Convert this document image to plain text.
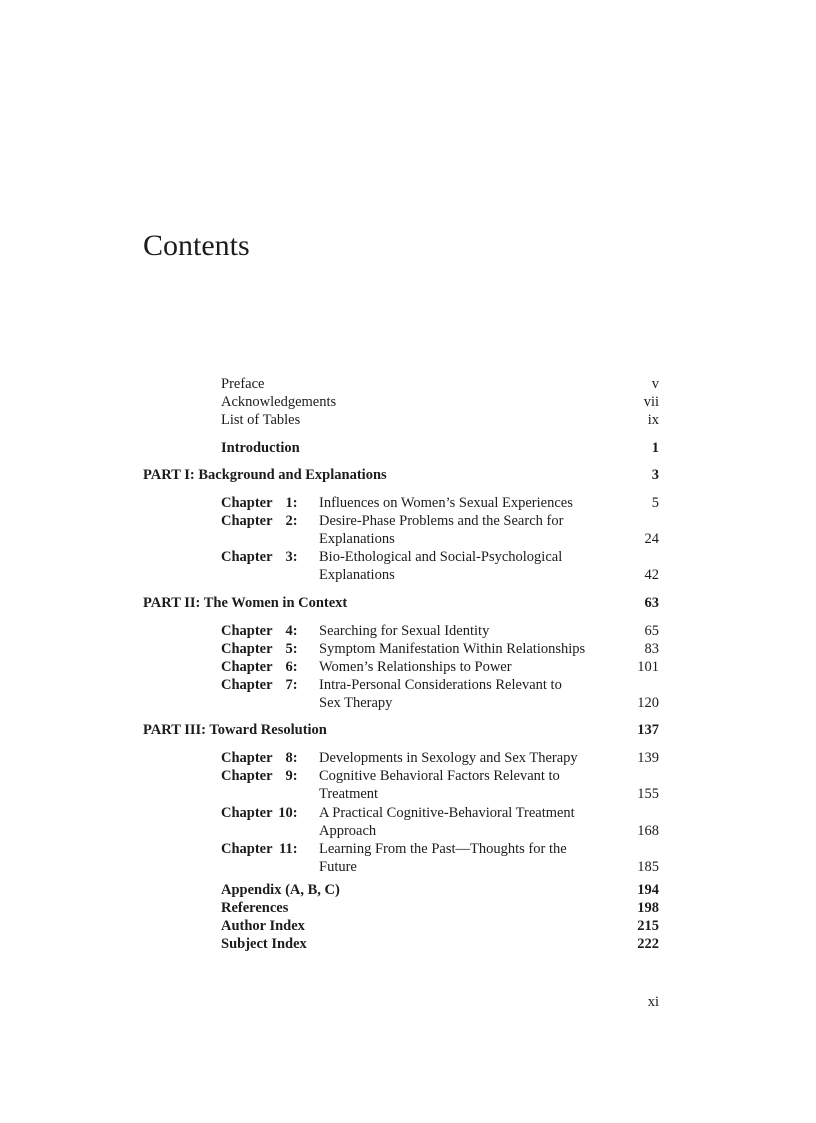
Contents
Preface	v
Acknowledgements	vii
List of Tables	ix
Introduction	1
PART I: Background and Explanations	3
Chapter 1: Influences on Women’s Sexual Experiences	5
Chapter 2: Desire-Phase Problems and the Search for
Explanations	24
Chapter 3: Bio-Ethological and Social-Psychological
Explanations	42
PART II: The Women in Context	63
Chapter 4: Searching for Sexual Identity	65
Chapter 5: Symptom Manifestation Within Relationships	83
Chapter 6: Women’s Relationships to Power	101
Chapter 7: Intra-Personal Considerations Relevant to
Sex Therapy	120
PART III: Toward Resolution	137
Chapter 8: Developments in Sexology and Sex Therapy	139
Chapter 9: Cognitive Behavioral Factors Relevant to
Treatment	155
Chapter 10: A Practical Cognitive-Behavioral Treatment
Approach	168
Chapter 11: Learning From the Past—Thoughts for the
Future	185
Appendix (A, B, C)	194
References	198
Author Index	215
Subject Index	222
xi
